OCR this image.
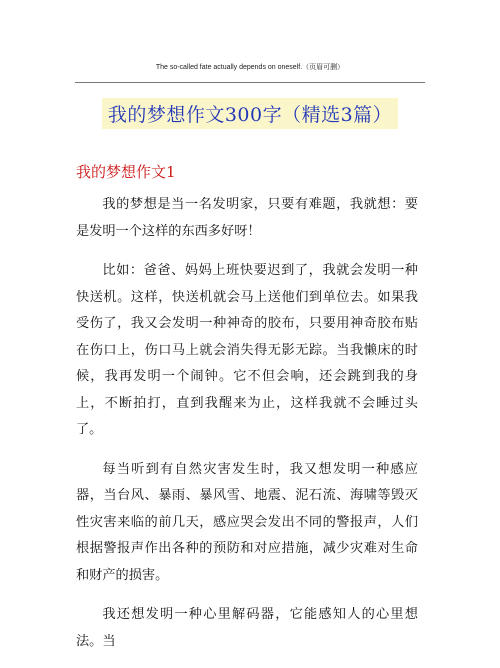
The so-called fate actually depends on oneself.（页眉可删）
我的梦想作文300字（精选3篇）
我的梦想作文1

我的梦想是当一名发明家，只要有难题，我就想：要是发明一个这样的东西多好呀！

比如：爸爸、妈妈上班快要迟到了，我就会发明一种快送机。这样，快送机就会马上送他们到单位去。如果我受伤了，我又会发明一种神奇的胶布，只要用神奇胶布贴在伤口上，伤口马上就会消失得无影无踪。当我懒床的时候，我再发明一个闹钟。它不但会响，还会跳到我的身上，不断拍打，直到我醒来为止，这样我就不会睡过头了。

每当听到有自然灾害发生时，我又想发明一种感应器，当台风、暴雨、暴风雪、地震、泥石流、海啸等毁灭性灾害来临的前几天，感应哭会发出不同的警报声，人们根据警报声作出各种的预防和对应措施，减少灾难对生命和财产的损害。

我还想发明一种心里解码器，它能感知人的心里想法。当
